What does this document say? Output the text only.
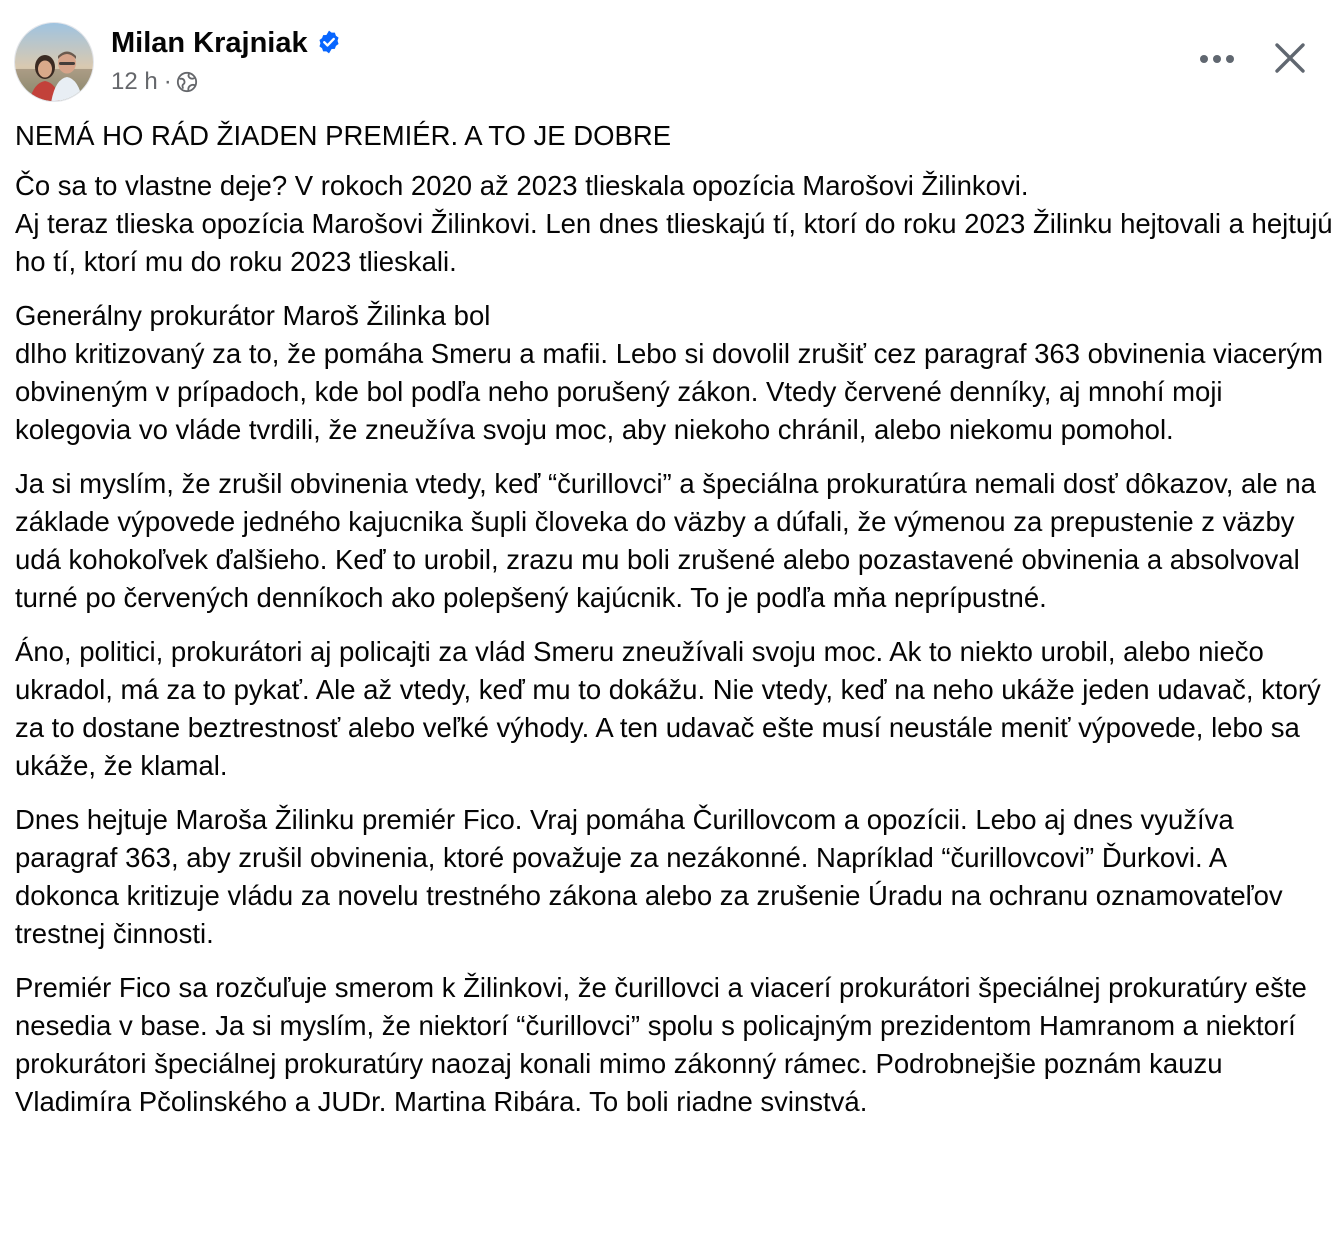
Milan Krajniak
12 h ·

NEMÁ HO RÁD ŽIADEN PREMIÉR. A TO JE DOBRE

Čo sa to vlastne deje? V rokoch 2020 až 2023 tlieskala opozícia Marošovi Žilinkovi.
Aj teraz tlieska opozícia Marošovi Žilinkovi. Len dnes tlieskajú tí, ktorí do roku 2023 Žilinku hejtovali a hejtujú ho tí, ktorí mu do roku 2023 tlieskali.

Generálny prokurátor Maroš Žilinka bol
dlho kritizovaný za to, že pomáha Smeru a mafii. Lebo si dovolil zrušiť cez paragraf 363 obvinenia viacerým obvineným v prípadoch, kde bol podľa neho porušený zákon. Vtedy červené denníky, aj mnohí moji kolegovia vo vláde tvrdili, že zneužíva svoju moc, aby niekoho chránil, alebo niekomu pomohol.

Ja si myslím, že zrušil obvinenia vtedy, keď “čurillovci” a špeciálna prokuratúra nemali dosť dôkazov, ale na základe výpovede jedného kajucnika šupli človeka do väzby a dúfali, že výmenou za prepustenie z väzby udá kohokoľvek ďalšieho. Keď to urobil, zrazu mu boli zrušené alebo pozastavené obvinenia a absolvoval turné po červených denníkoch ako polepšený kajúcnik. To je podľa mňa neprípustné.

Áno, politici, prokurátori aj policajti za vlád Smeru zneužívali svoju moc. Ak to niekto urobil, alebo niečo ukradol, má za to pykať. Ale až vtedy, keď mu to dokážu. Nie vtedy, keď na neho ukáže jeden udavač, ktorý za to dostane beztrestnosť alebo veľké výhody. A ten udavač ešte musí neustále meniť výpovede, lebo sa ukáže, že klamal.

Dnes hejtuje Maroša Žilinku premiér Fico. Vraj pomáha Čurillovcom a opozícii. Lebo aj dnes využíva paragraf 363, aby zrušil obvinenia, ktoré považuje za nezákonné. Napríklad “čurillovcovi” Ďurkovi. A dokonca kritizuje vládu za novelu trestného zákona alebo za zrušenie Úradu na ochranu oznamovateľov trestnej činnosti.

Premiér Fico sa rozčuľuje smerom k Žilinkovi, že čurillovci a viacerí prokurátori špeciálnej prokuratúry ešte nesedia v base. Ja si myslím, že niektorí “čurillovci” spolu s policajným prezidentom Hamranom a niektorí prokurátori špeciálnej prokuratúry naozaj konali mimo zákonný rámec. Podrobnejšie poznám kauzu Vladimíra Pčolinského a JUDr. Martina Ribára. To boli riadne svinstvá.
